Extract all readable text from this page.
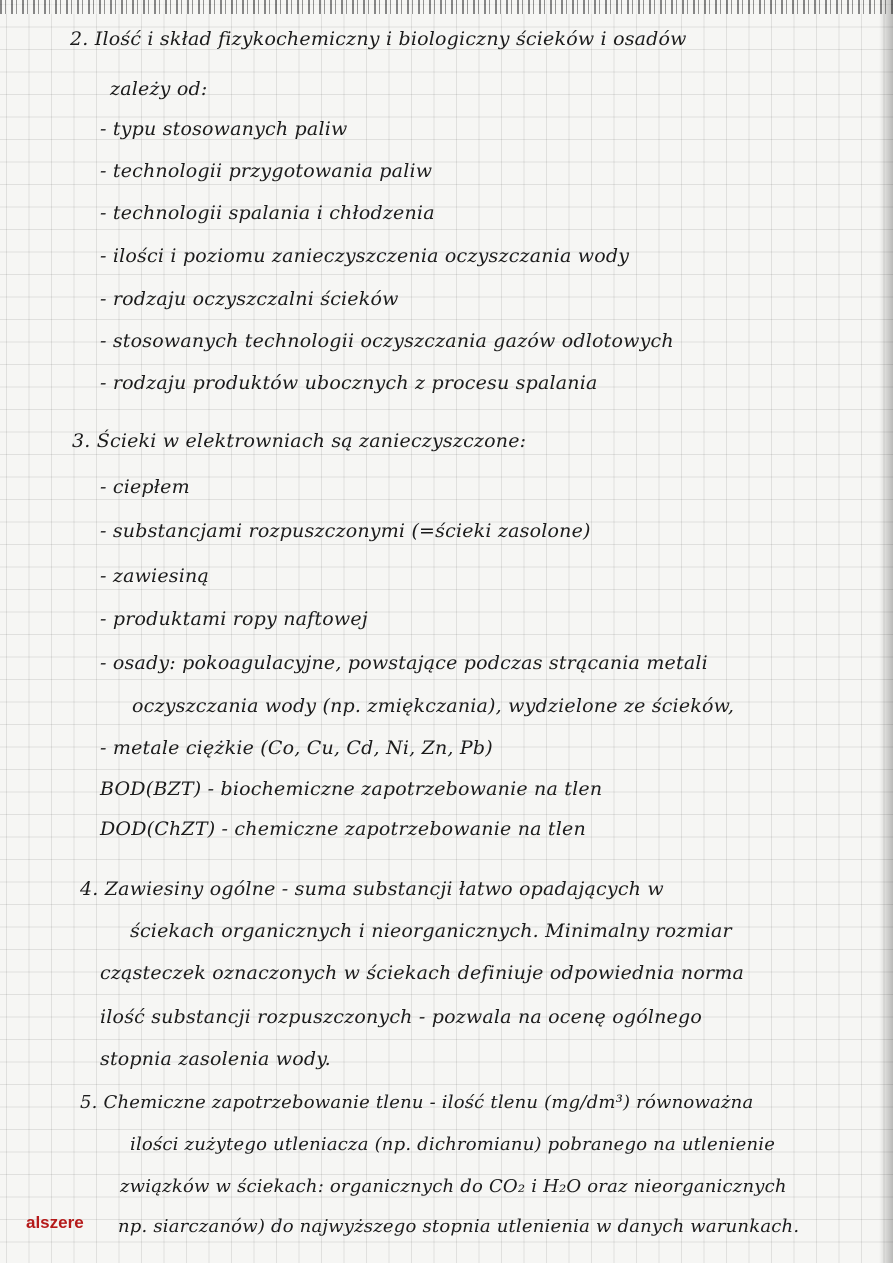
2. Ilość i skład fizykochemiczny i biologiczny ścieków i osadów
zależy od:
- typu stosowanych paliw
- technologii przygotowania paliw
- technologii spalania i chłodzenia
- ilości i poziomu zanieczyszczenia oczyszczania wody
- rodzaju oczyszczalni ścieków
- stosowanych technologii oczyszczania gazów odlotowych
- rodzaju produktów ubocznych z procesu spalania
3. Ścieki w elektrowniach są zanieczyszczone:
- ciepłem
- substancjami rozpuszczonymi (=ścieki zasolone)
- zawiesiną
- produktami ropy naftowej
- osady: pokoagulacyjne, powstające podczas strącania metali
oczyszczania wody (np. zmiękczania), wydzielone ze ścieków,
- metale ciężkie (Co, Cu, Cd, Ni, Zn, Pb)
BOD(BZT) - biochemiczne zapotrzebowanie na tlen
DOD(ChZT) - chemiczne zapotrzebowanie na tlen
4. Zawiesiny ogólne - suma substancji łatwo opadających w
ściekach organicznych i nieorganicznych. Minimalny rozmiar
cząsteczek oznaczonych w ściekach definiuje odpowiednia norma
ilość substancji rozpuszczonych - pozwala na ocenę ogólnego
stopnia zasolenia wody.
5. Chemiczne zapotrzebowanie tlenu - ilość tlenu (mg/dm³) równoważna
ilości zużytego utleniacza (np. dichromianu) pobranego na utlenienie
związków w ściekach: organicznych do CO₂ i H₂O oraz nieorganicznych
np. siarczanów) do najwyższego stopnia utlenienia w danych warunkach.
alszere
